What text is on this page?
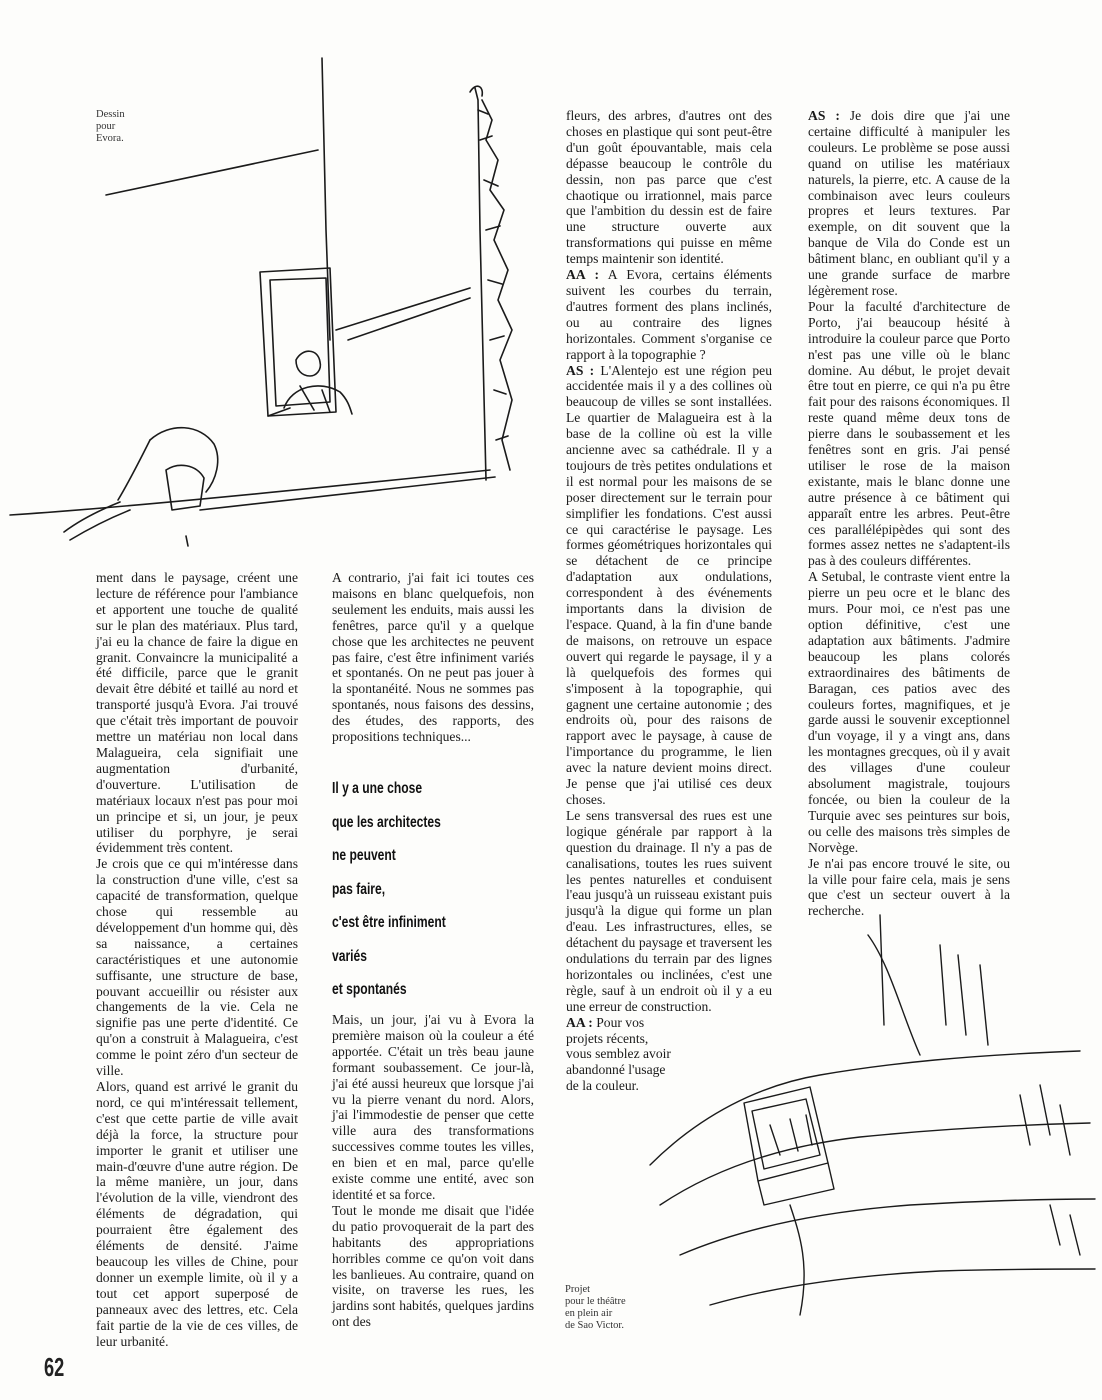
Dessin
pour
Evora.
Projet
pour le théâtre
en plein air
de Sao Victor.

ment dans le paysage, créent une lecture de référence pour l'ambiance et apportent une touche de qualité sur le plan des matériaux. Plus tard, j'ai eu la chance de faire la digue en granit. Convaincre la municipalité a été difficile, parce que le granit devait être débité et taillé au nord et transporté jusqu'à Evora. J'ai trouvé que c'était très important de pouvoir mettre un matériau non local dans Malagueira, cela signifiait une augmentation d'urbanité, d'ouverture. L'utilisation de matériaux locaux n'est pas pour moi un principe et si, un jour, je peux utiliser du porphyre, je serai évidemment très content.

Je crois que ce qui m'intéresse dans la construction d'une ville, c'est sa capacité de transformation, quelque chose qui ressemble au développement d'un homme qui, dès sa naissance, a certaines caractéristiques et une autonomie suffisante, une structure de base, pouvant accueillir ou résister aux changements de la vie. Cela ne signifie pas une perte d'identité. Ce qu'on a construit à Malagueira, c'est comme le point zéro d'un secteur de ville.

Alors, quand est arrivé le granit du nord, ce qui m'intéressait tellement, c'est que cette partie de ville avait déjà la force, la structure pour importer le granit et utiliser une main-d'œuvre d'une autre région. De la même manière, un jour, dans l'évolution de la ville, viendront des éléments de dégradation, qui pourraient être également des éléments de densité. J'aime beaucoup les villes de Chine, pour donner un exemple limite, où il y a tout cet apport superposé de panneaux avec des lettres, etc. Cela fait partie de la vie de ces villes, de leur urbanité.

A contrario, j'ai fait ici toutes ces maisons en blanc quelquefois, non seulement les enduits, mais aussi les fenêtres, parce qu'il y a quelque chose que les architectes ne peuvent pas faire, c'est être infiniment variés et spontanés. On ne peut pas jouer à la spontanéité. Nous ne sommes pas spontanés, nous faisons des dessins, des études, des rapports, des propositions techniques...

Il y a une chose
que les architectes
ne peuvent
pas faire,
c'est être infiniment
variés
et spontanés

Mais, un jour, j'ai vu à Evora la première maison où la couleur a été apportée. C'était un très beau jaune formant soubassement. Ce jour-là, j'ai été aussi heureux que lorsque j'ai vu la pierre venant du nord. Alors, j'ai l'immodestie de penser que cette ville aura des transformations successives comme toutes les villes, en bien et en mal, parce qu'elle existe comme une entité, avec son identité et sa force.

Tout le monde me disait que l'idée du patio provoquerait de la part des habitants des appropriations horribles comme ce qu'on voit dans les banlieues. Au contraire, quand on visite, on traverse les rues, les jardins sont habités, quelques jardins ont des

fleurs, des arbres, d'autres ont des choses en plastique qui sont peut-être d'un goût épouvantable, mais cela dépasse beaucoup le contrôle du dessin, non pas parce que c'est chaotique ou irrationnel, mais parce que l'ambition du dessin est de faire une structure ouverte aux transformations qui puisse en même temps maintenir son identité.

AA : A Evora, certains éléments suivent les courbes du terrain, d'autres forment des plans inclinés, ou au contraire des lignes horizontales. Comment s'organise ce rapport à la topographie ?

AS : L'Alentejo est une région peu accidentée mais il y a des collines où beaucoup de villes se sont installées. Le quartier de Malagueira est à la base de la colline où est la ville ancienne avec sa cathédrale. Il y a toujours de très petites ondulations et il est normal pour les maisons de se poser directement sur le terrain pour simplifier les fondations. C'est aussi ce qui caractérise le paysage. Les formes géométriques horizontales qui se détachent de ce principe d'adaptation aux ondulations, correspondent à des événements importants dans la division de l'espace. Quand, à la fin d'une bande de maisons, on retrouve un espace ouvert qui regarde le paysage, il y a là quelquefois des formes qui s'imposent à la topographie, qui gagnent une certaine autonomie ; des endroits où, pour des raisons de rapport avec le paysage, à cause de l'importance du programme, le lien avec la nature devient moins direct. Je pense que j'ai utilisé ces deux choses.

Le sens transversal des rues est une logique générale par rapport à la question du drainage. Il n'y a pas de canalisations, toutes les rues suivent les pentes naturelles et conduisent l'eau jusqu'à un ruisseau existant puis jusqu'à la digue qui forme un plan d'eau. Les infrastructures, elles, se détachent du paysage et traversent les ondulations du terrain par des lignes horizontales ou inclinées, c'est une règle, sauf à un endroit où il y a eu une erreur de construction.

AA : Pour vos projets récents, vous semblez avoir abandonné l'usage de la couleur.

AS : Je dois dire que j'ai une certaine difficulté à manipuler les couleurs. Le problème se pose aussi quand on utilise les matériaux naturels, la pierre, etc. A cause de la combinaison avec leurs couleurs propres et leurs textures. Par exemple, on dit souvent que la banque de Vila do Conde est un bâtiment blanc, en oubliant qu'il y a une grande surface de marbre légèrement rose.

Pour la faculté d'architecture de Porto, j'ai beaucoup hésité à introduire la couleur parce que Porto n'est pas une ville où le blanc domine. Au début, le projet devait être tout en pierre, ce qui n'a pu être fait pour des raisons économiques. Il reste quand même deux tons de pierre dans le soubassement et les fenêtres sont en gris. J'ai pensé utiliser le rose de la maison existante, mais le blanc donne une autre présence à ce bâtiment qui apparaît entre les arbres. Peut-être ces parallélépipèdes qui sont des formes assez nettes ne s'adaptent-ils pas à des couleurs différentes.

A Setubal, le contraste vient entre la pierre un peu ocre et le blanc des murs. Pour moi, ce n'est pas une option définitive, c'est une adaptation aux bâtiments. J'admire beaucoup les plans colorés extraordinaires des bâtiments de Baragan, ces patios avec des couleurs fortes, magnifiques, et je garde aussi le souvenir exceptionnel d'un voyage, il y a vingt ans, dans les montagnes grecques, où il y avait des villages d'une couleur absolument magistrale, toujours foncée, ou bien la couleur de la Turquie avec ses peintures sur bois, ou celle des maisons très simples de Norvège.

Je n'ai pas encore trouvé le site, ou la ville pour faire cela, mais je sens que c'est un secteur ouvert à la recherche.

62
